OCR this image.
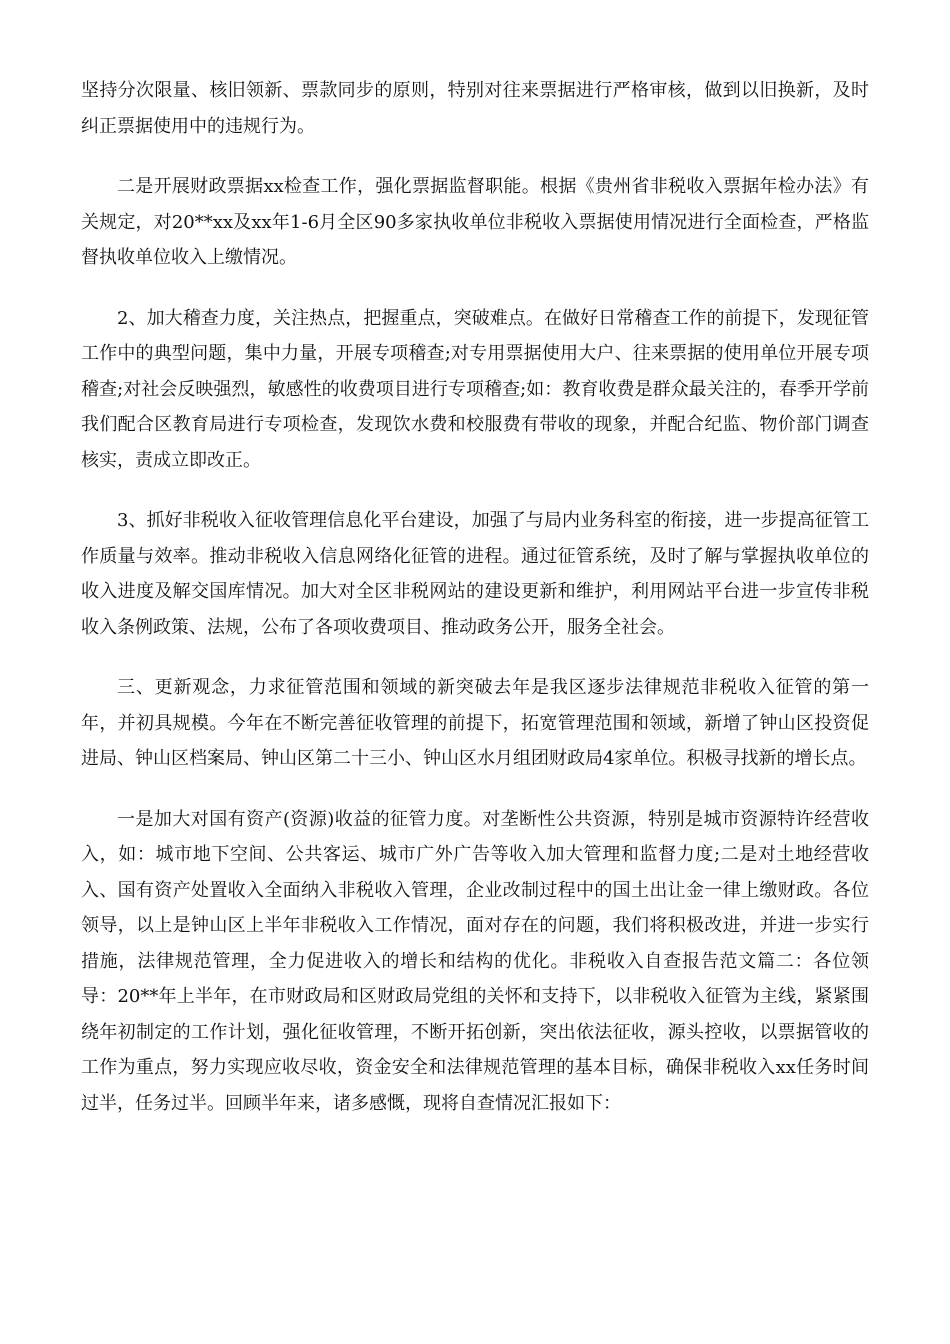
坚持分次限量、核旧领新、票款同步的原则，特别对往来票据进行严格审核，做到以旧换新，及时纠正票据使用中的违规行为。

二是开展财政票据xx检查工作，强化票据监督职能。根据《贵州省非税收入票据年检办法》有关规定，对20**xx及xx年1-6月全区90多家执收单位非税收入票据使用情况进行全面检查，严格监督执收单位收入上缴情况。

2、加大稽查力度，关注热点，把握重点，突破难点。在做好日常稽查工作的前提下，发现征管工作中的典型问题，集中力量，开展专项稽查;对专用票据使用大户、往来票据的使用单位开展专项稽查;对社会反映强烈，敏感性的收费项目进行专项稽查;如：教育收费是群众最关注的，春季开学前我们配合区教育局进行专项检查，发现饮水费和校服费有带收的现象，并配合纪监、物价部门调查核实，责成立即改正。

3、抓好非税收入征收管理信息化平台建设，加强了与局内业务科室的衔接，进一步提高征管工作质量与效率。推动非税收入信息网络化征管的进程。通过征管系统，及时了解与掌握执收单位的收入进度及解交国库情况。加大对全区非税网站的建设更新和维护，利用网站平台进一步宣传非税收入条例政策、法规，公布了各项收费项目、推动政务公开，服务全社会。

三、更新观念，力求征管范围和领域的新突破去年是我区逐步法律规范非税收入征管的第一年，并初具规模。今年在不断完善征收管理的前提下，拓宽管理范围和领域，新增了钟山区投资促进局、钟山区档案局、钟山区第二十三小、钟山区水月组团财政局4家单位。积极寻找新的增长点。

一是加大对国有资产(资源)收益的征管力度。对垄断性公共资源，特别是城市资源特许经营收入，如：城市地下空间、公共客运、城市广外广告等收入加大管理和监督力度;二是对土地经营收入、国有资产处置收入全面纳入非税收入管理，企业改制过程中的国土出让金一律上缴财政。各位领导，以上是钟山区上半年非税收入工作情况，面对存在的问题，我们将积极改进，并进一步实行措施，法律规范管理，全力促进收入的增长和结构的优化。非税收入自查报告范文篇二：各位领导：20**年上半年，在市财政局和区财政局党组的关怀和支持下，以非税收入征管为主线，紧紧围绕年初制定的工作计划，强化征收管理，不断开拓创新，突出依法征收，源头控收，以票据管收的工作为重点，努力实现应收尽收，资金安全和法律规范管理的基本目标，确保非税收入xx任务时间过半，任务过半。回顾半年来，诸多感慨，现将自查情况汇报如下：
